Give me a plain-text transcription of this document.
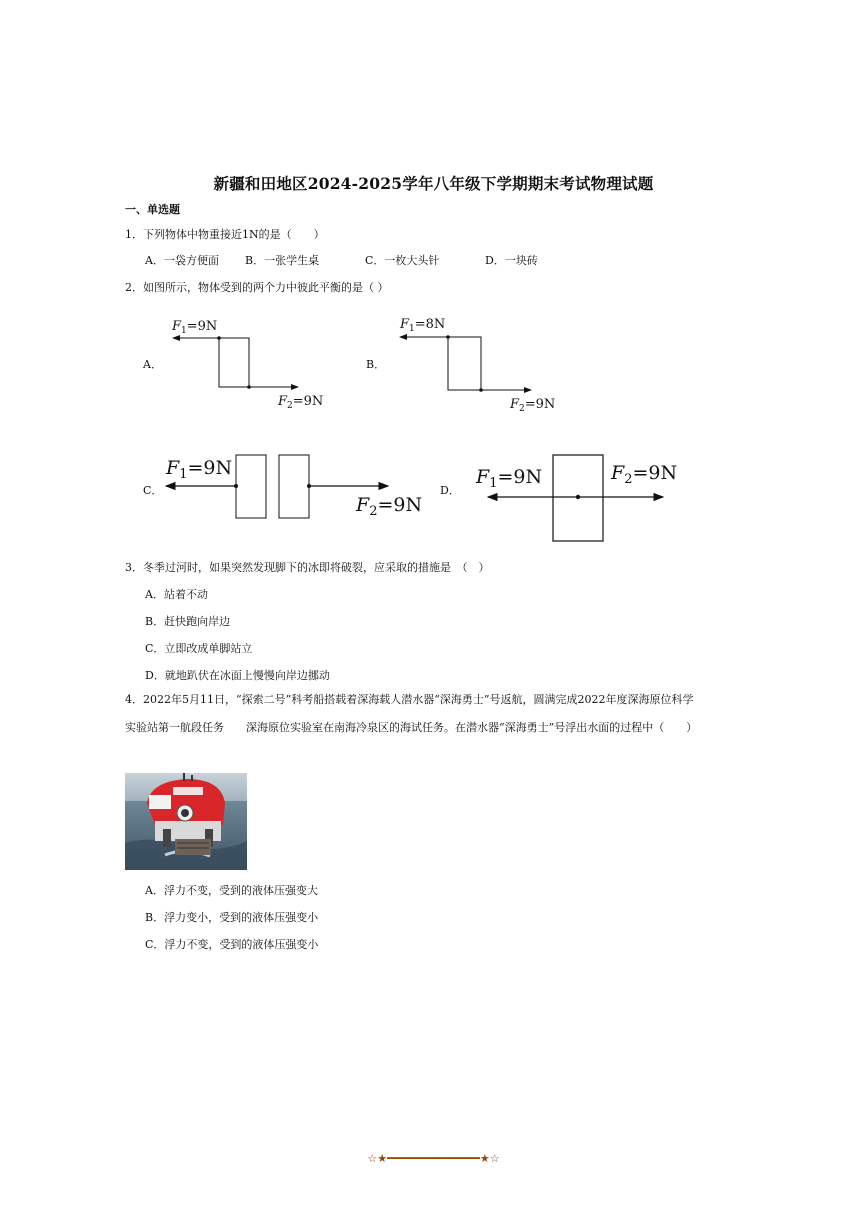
新疆和田地区2024-2025学年八年级下学期期末考试物理试题
一、单选题
1．下列物体中物重接近1N的是（　　）
A．一袋方便面 B．一张学生桌	C．一枚大头针	D．一块砖
2．如图所示，物体受到的两个力中彼此平衡的是（ ）
A．
$F_1=9N$
$F_2=9N$
B．
$F_1=8N$
$F_2=9N$
C．
$F_1=9N$
$F_2=9N$
D．
$F_1=9N$	$F_2=9N$
3．冬季过河时，如果突然发现脚下的冰即将破裂，应采取的措施是　（　）
A．站着不动
B．赶快跑向岸边
C．立即改成单脚站立
D．就地趴伏在冰面上慢慢向岸边挪动
4．2022年5月11日，“探索二号”科考船搭载着深海载人潜水器“深海勇士”号返航，圆满完成2022年度深海原位科学实验站第一航段任务　　深海原位实验室在南海冷泉区的海试任务。在潜水器“深海勇士”号浮出水面的过程中（　　）
A．浮力不变，受到的液体压强变大
B．浮力变小，受到的液体压强变小
C．浮力不变，受到的液体压强变小
☆★━━━━━━━━━━━━━━★☆
